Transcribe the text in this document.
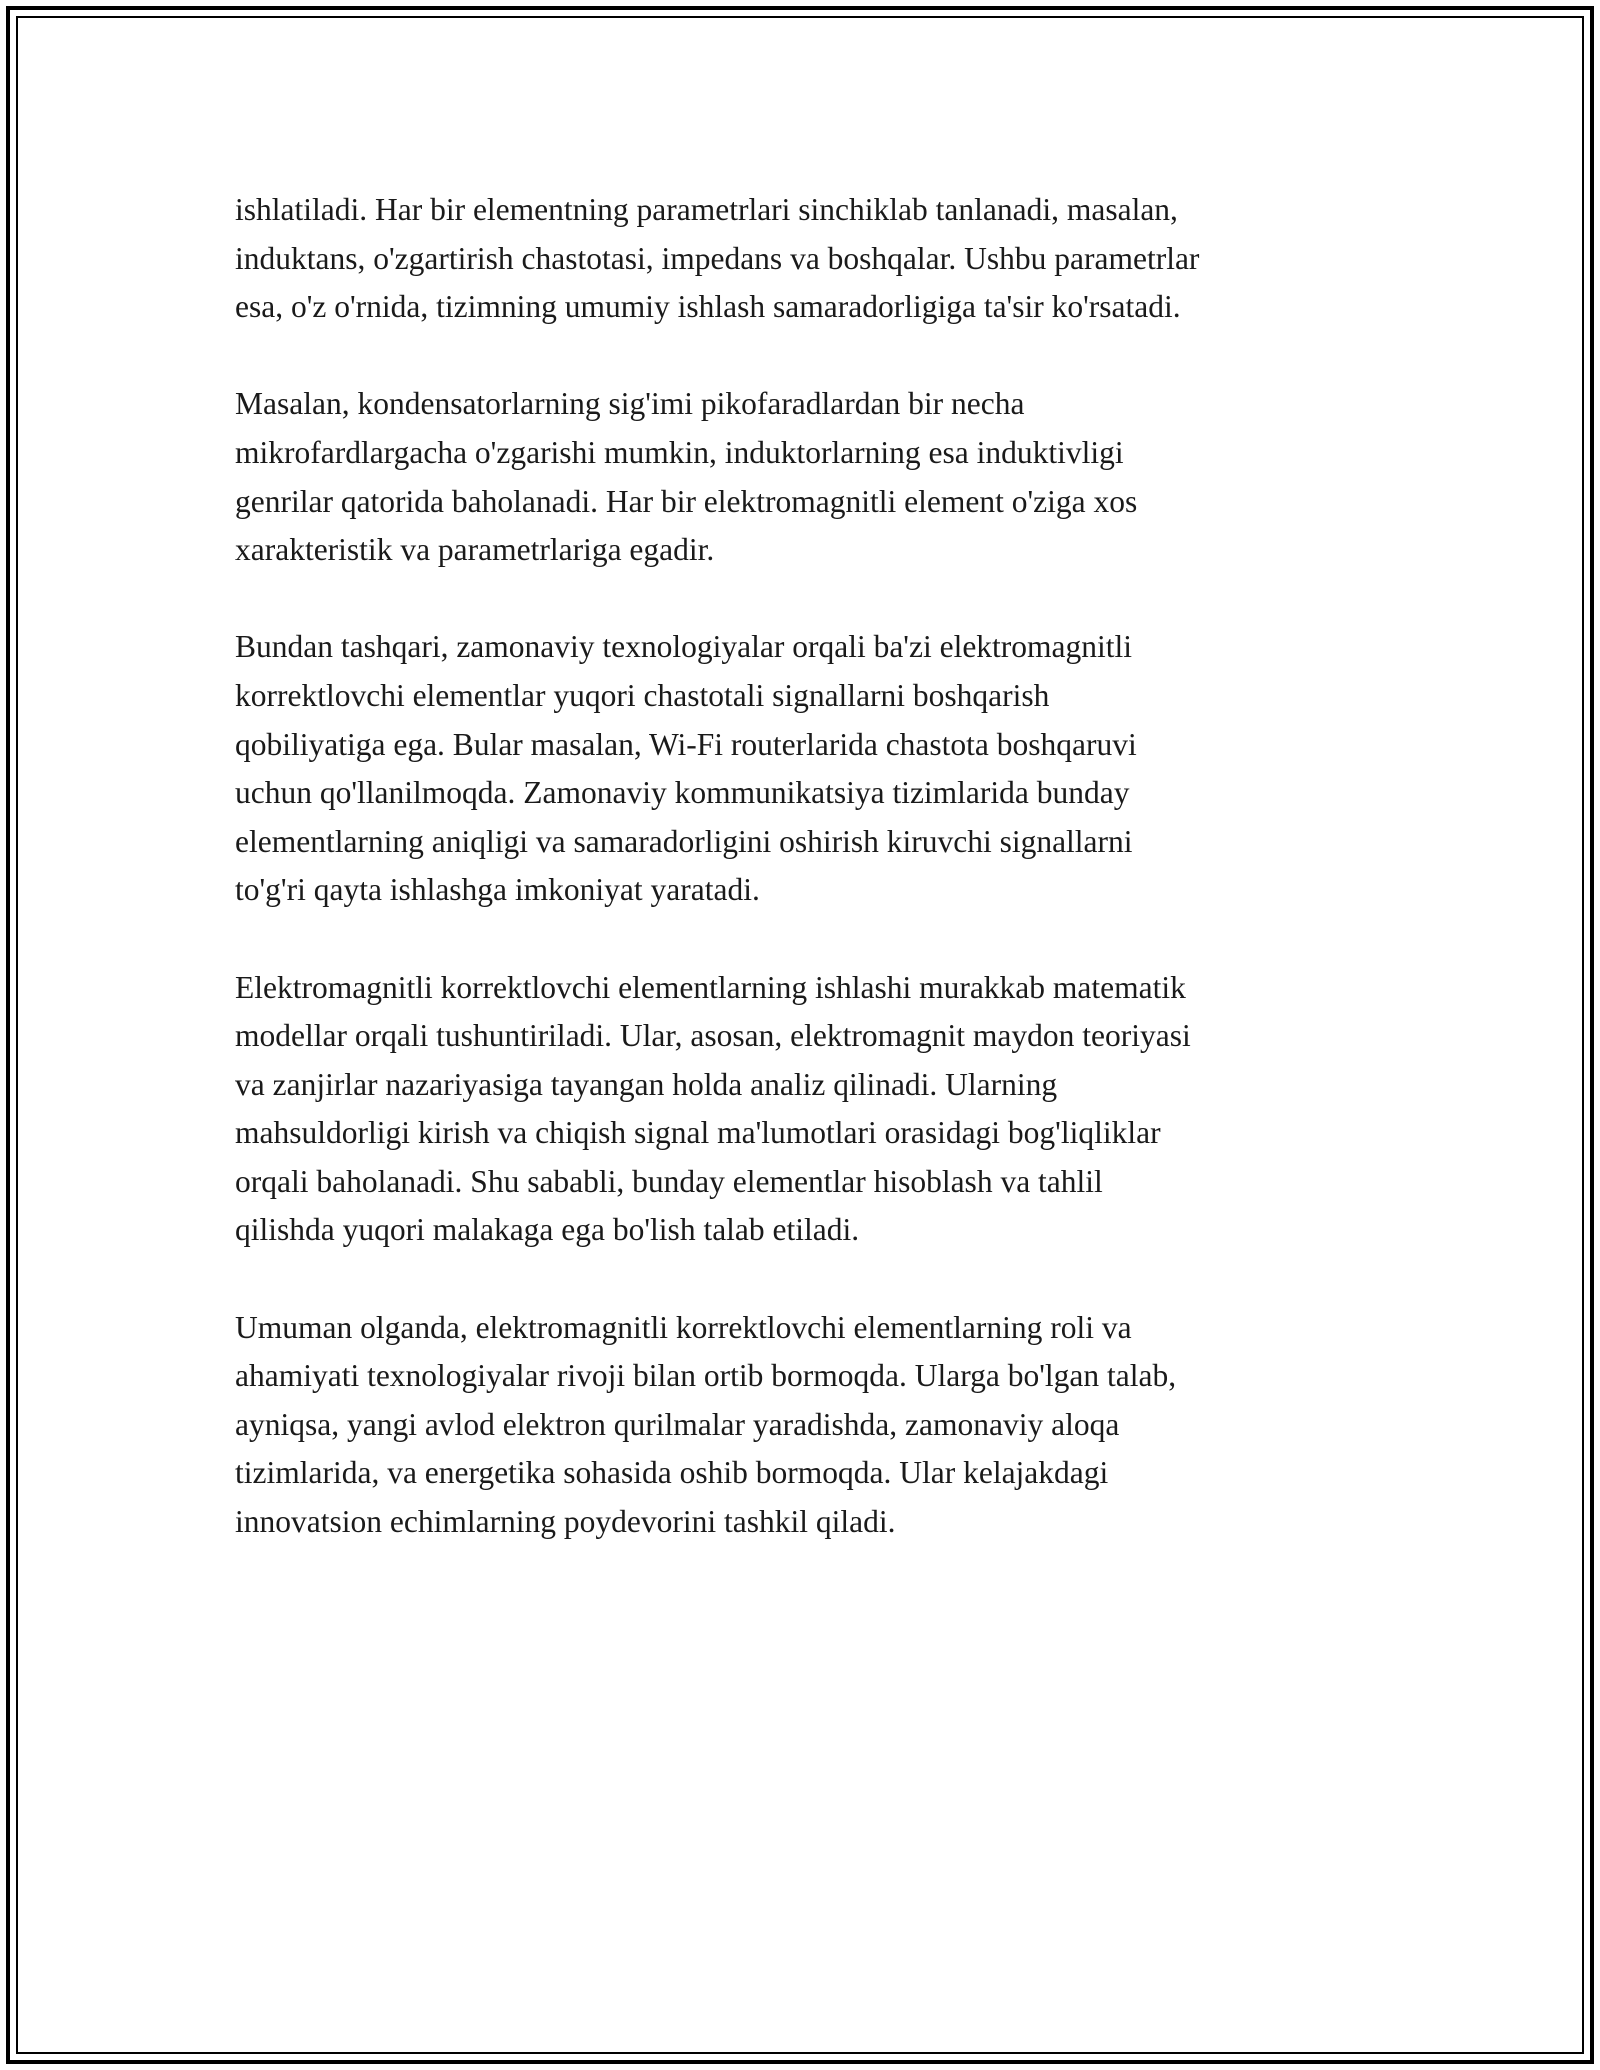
ishlatiladi. Har bir elementning parametrlari sinchiklab tanlanadi, masalan,
induktans, o'zgartirish chastotasi, impedans va boshqalar. Ushbu parametrlar
esa, o'z o'rnida, tizimning umumiy ishlash samaradorligiga ta'sir ko'rsatadi.

Masalan, kondensatorlarning sig'imi pikofaradlardan bir necha
mikrofardlargacha o'zgarishi mumkin, induktorlarning esa induktivligi
genrilar qatorida baholanadi. Har bir elektromagnitli element o'ziga xos
xarakteristik va parametrlariga egadir.

Bundan tashqari, zamonaviy texnologiyalar orqali ba'zi elektromagnitli
korrektlovchi elementlar yuqori chastotali signallarni boshqarish
qobiliyatiga ega. Bular masalan, Wi-Fi routerlarida chastota boshqaruvi
uchun qo'llanilmoqda. Zamonaviy kommunikatsiya tizimlarida bunday
elementlarning aniqligi va samaradorligini oshirish kiruvchi signallarni
to'g'ri qayta ishlashga imkoniyat yaratadi.

Elektromagnitli korrektlovchi elementlarning ishlashi murakkab matematik
modellar orqali tushuntiriladi. Ular, asosan, elektromagnit maydon teoriyasi
va zanjirlar nazariyasiga tayangan holda analiz qilinadi. Ularning
mahsuldorligi kirish va chiqish signal ma'lumotlari orasidagi bog'liqliklar
orqali baholanadi. Shu sababli, bunday elementlar hisoblash va tahlil
qilishda yuqori malakaga ega bo'lish talab etiladi.

Umuman olganda, elektromagnitli korrektlovchi elementlarning roli va
ahamiyati texnologiyalar rivoji bilan ortib bormoqda. Ularga bo'lgan talab,
ayniqsa, yangi avlod elektron qurilmalar yaradishda, zamonaviy aloqa
tizimlarida, va energetika sohasida oshib bormoqda. Ular kelajakdagi
innovatsion echimlarning poydevorini tashkil qiladi.
